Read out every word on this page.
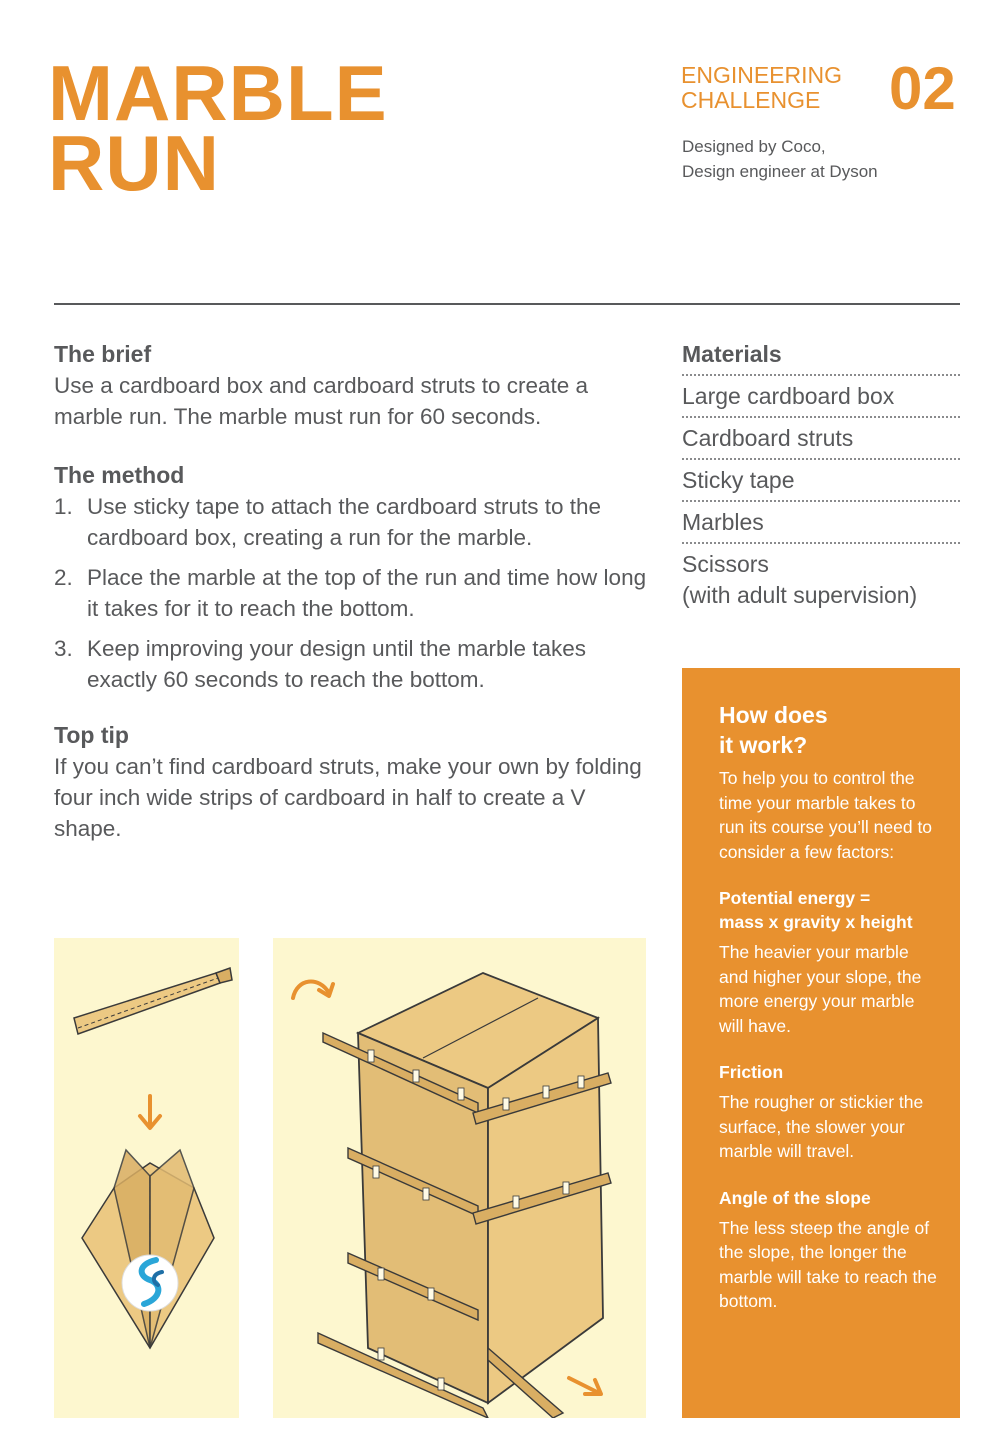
MARBLE
RUN
ENGINEERING
CHALLENGE	02
Designed by Coco,
Design engineer at Dyson
The brief
Use a cardboard box and cardboard struts to create a marble run. The marble must run for 60 seconds.
The method
1. Use sticky tape to attach the cardboard struts to the cardboard box, creating a run for the marble.
2. Place the marble at the top of the run and time how long it takes for it to reach the bottom.
3. Keep improving your design until the marble takes exactly 60 seconds to reach the bottom.
Top tip
If you can’t find cardboard struts, make your own by folding four inch wide strips of cardboard in half to create a V shape.
Materials
Large cardboard box
Cardboard struts
Sticky tape
Marbles
Scissors
(with adult supervision)
How does
it work?
To help you to control the time your marble takes to run its course you’ll need to consider a few factors:
Potential energy =
mass x gravity x height
The heavier your marble and higher your slope, the more energy your marble will have.
Friction
The rougher or stickier the surface, the slower your marble will travel.
Angle of the slope
The less steep the angle of the slope, the longer the marble will take to reach the bottom.
